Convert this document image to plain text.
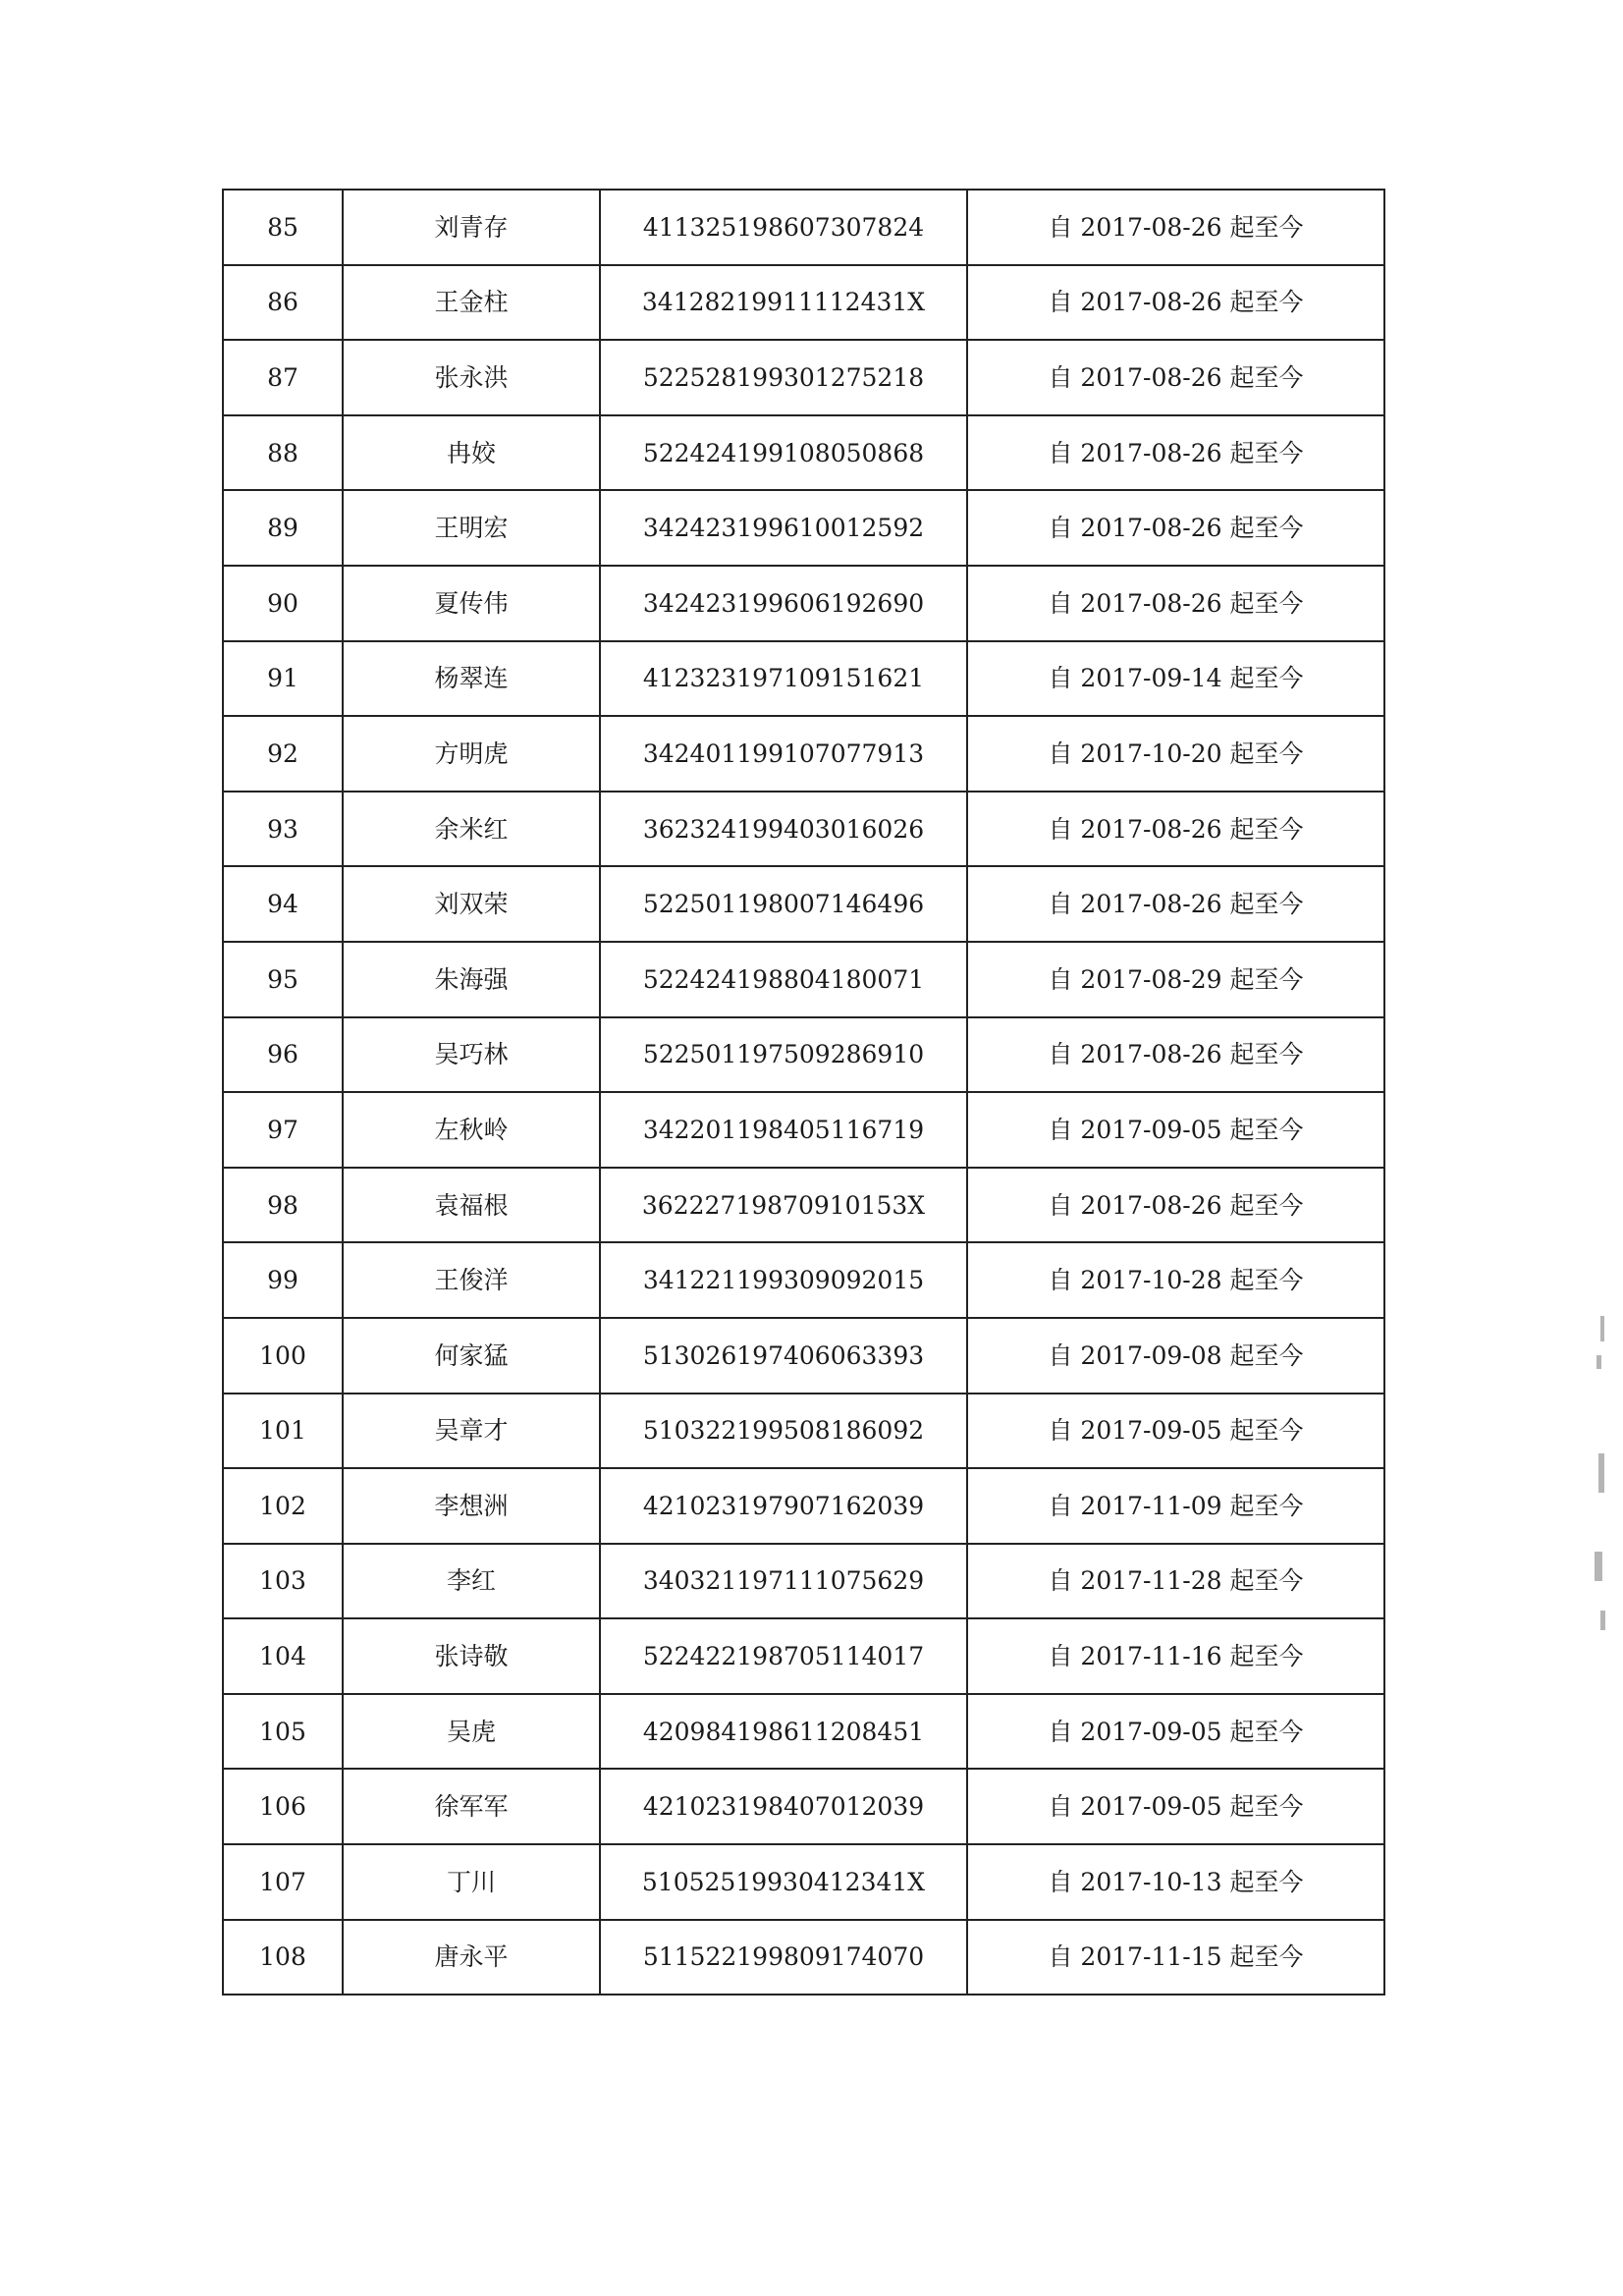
85	刘青存	411325198607307824	自 2017-08-26 起至今
86	王金柱	34128219911112431X	自 2017-08-26 起至今
87	张永洪	522528199301275218	自 2017-08-26 起至今
88	冉姣	522424199108050868	自 2017-08-26 起至今
89	王明宏	342423199610012592	自 2017-08-26 起至今
90	夏传伟	342423199606192690	自 2017-08-26 起至今
91	杨翠连	412323197109151621	自 2017-09-14 起至今
92	方明虎	342401199107077913	自 2017-10-20 起至今
93	余米红	362324199403016026	自 2017-08-26 起至今
94	刘双荣	522501198007146496	自 2017-08-26 起至今
95	朱海强	522424198804180071	自 2017-08-29 起至今
96	吴巧林	522501197509286910	自 2017-08-26 起至今
97	左秋岭	342201198405116719	自 2017-09-05 起至今
98	袁福根	36222719870910153X	自 2017-08-26 起至今
99	王俊洋	341221199309092015	自 2017-10-28 起至今
100	何家猛	513026197406063393	自 2017-09-08 起至今
101	吴章才	510322199508186092	自 2017-09-05 起至今
102	李想洲	421023197907162039	自 2017-11-09 起至今
103	李红	340321197111075629	自 2017-11-28 起至今
104	张诗敬	522422198705114017	自 2017-11-16 起至今
105	吴虎	420984198611208451	自 2017-09-05 起至今
106	徐军军	421023198407012039	自 2017-09-05 起至今
107	丁川	51052519930412341X	自 2017-10-13 起至今
108	唐永平	511522199809174070	自 2017-11-15 起至今
